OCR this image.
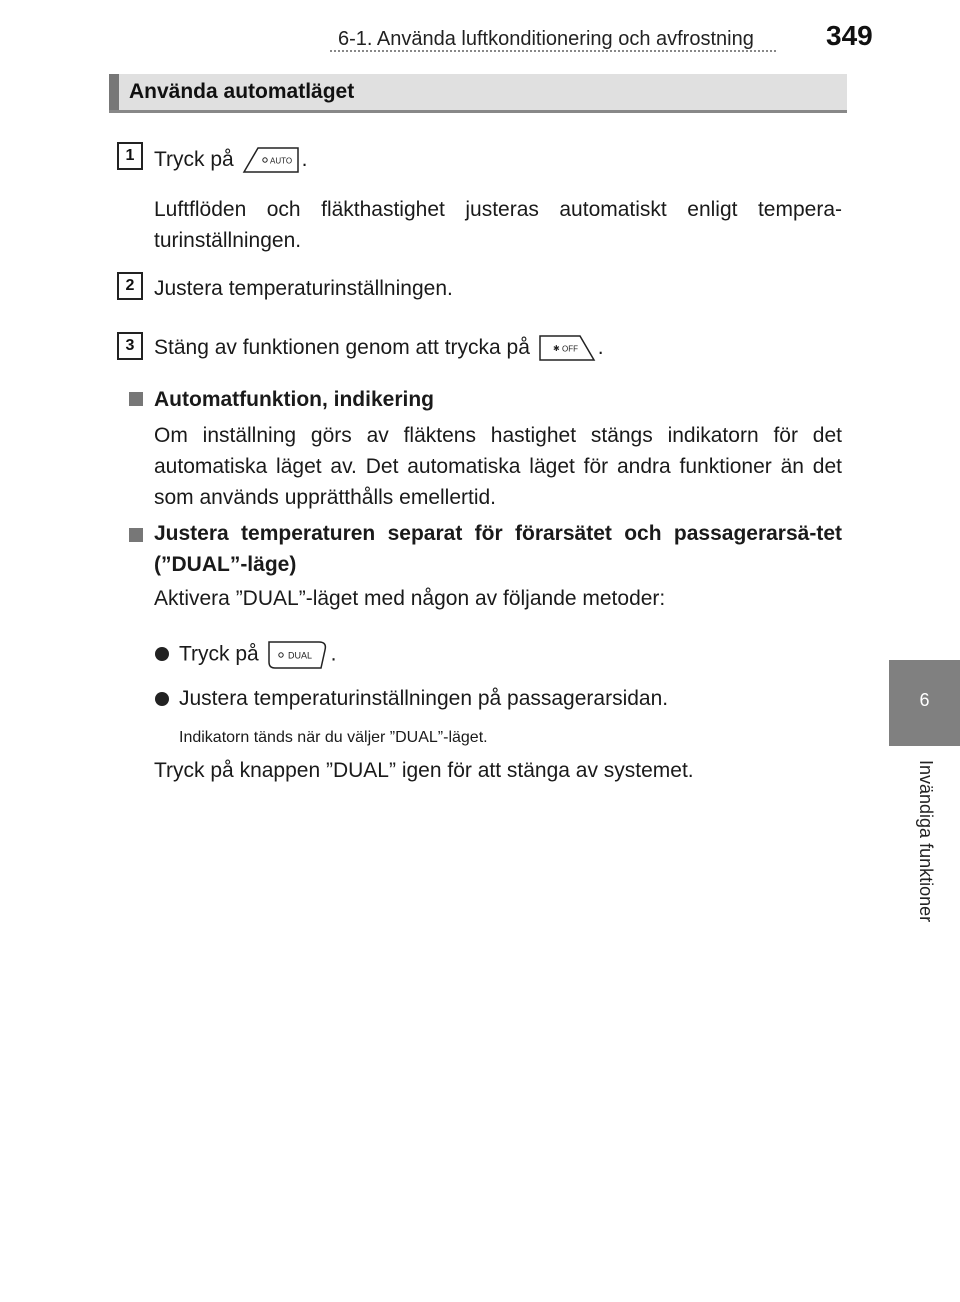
6-1. Använda luftkonditionering och avfrostning	349
6
Invändiga funktioner
Använda automatläget
1 Tryck på	AUTO .
Luftflöden och fläkthastighet justeras automatiskt enligt tempera-turinställningen.
2 Justera temperaturinställningen.
3 Stäng av funktionen genom att trycka på	✱ OFF .
Automatfunktion, indikering
Om inställning görs av fläktens hastighet stängs indikatorn för det automatiska läget av. Det automatiska läget för andra funktioner än det som används upprätthålls emellertid.
Justera temperaturen separat för förarsätet och passagerarsä-tet (”DUAL”-läge)
Aktivera ”DUAL”-läget med någon av följande metoder:
Tryck på	DUAL .
Justera temperaturinställningen på passagerarsidan.
Indikatorn tänds när du väljer ”DUAL”-läget.
Tryck på knappen ”DUAL” igen för att stänga av systemet.
